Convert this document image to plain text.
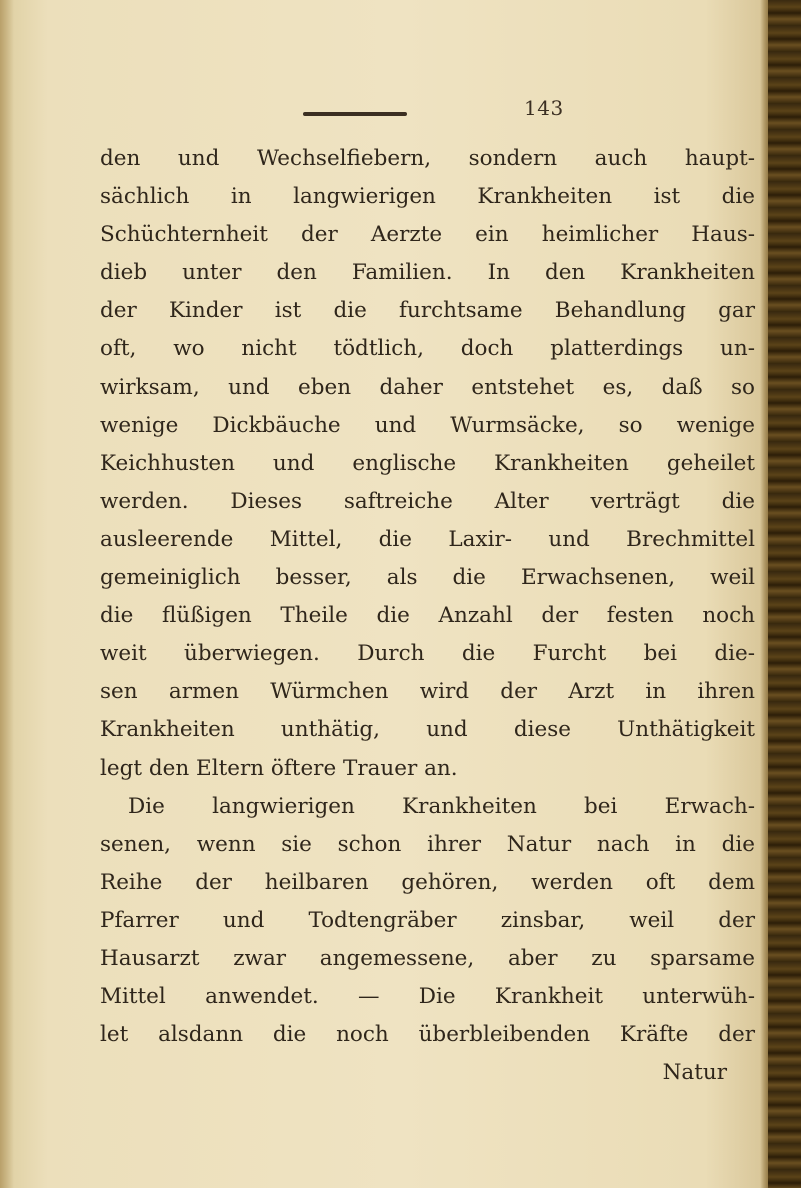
143
den und Wechselfiebern, sondern auch haupt-
sächlich in langwierigen Krankheiten ist die
Schüchternheit der Aerzte ein heimlicher Haus-
dieb unter den Familien. In den Krankheiten
der Kinder ist die furchtsame Behandlung gar
oft, wo nicht tödtlich, doch platterdings un-
wirksam, und eben daher entstehet es, daß so
wenige Dickbäuche und Wurmsäcke, so wenige
Keichhusten und englische Krankheiten geheilet
werden. Dieses saftreiche Alter verträgt die
ausleerende Mittel, die Laxir- und Brechmittel
gemeiniglich besser, als die Erwachsenen, weil
die flüßigen Theile die Anzahl der festen noch
weit überwiegen. Durch die Furcht bei die-
sen armen Würmchen wird der Arzt in ihren
Krankheiten unthätig, und diese Unthätigkeit
legt den Eltern öftere Trauer an.
Die langwierigen Krankheiten bei Erwach-
senen, wenn sie schon ihrer Natur nach in die
Reihe der heilbaren gehören, werden oft dem
Pfarrer und Todtengräber zinsbar, weil der
Hausarzt zwar angemessene, aber zu sparsame
Mittel anwendet. — Die Krankheit unterwüh-
let alsdann die noch überbleibenden Kräfte der
Natur
